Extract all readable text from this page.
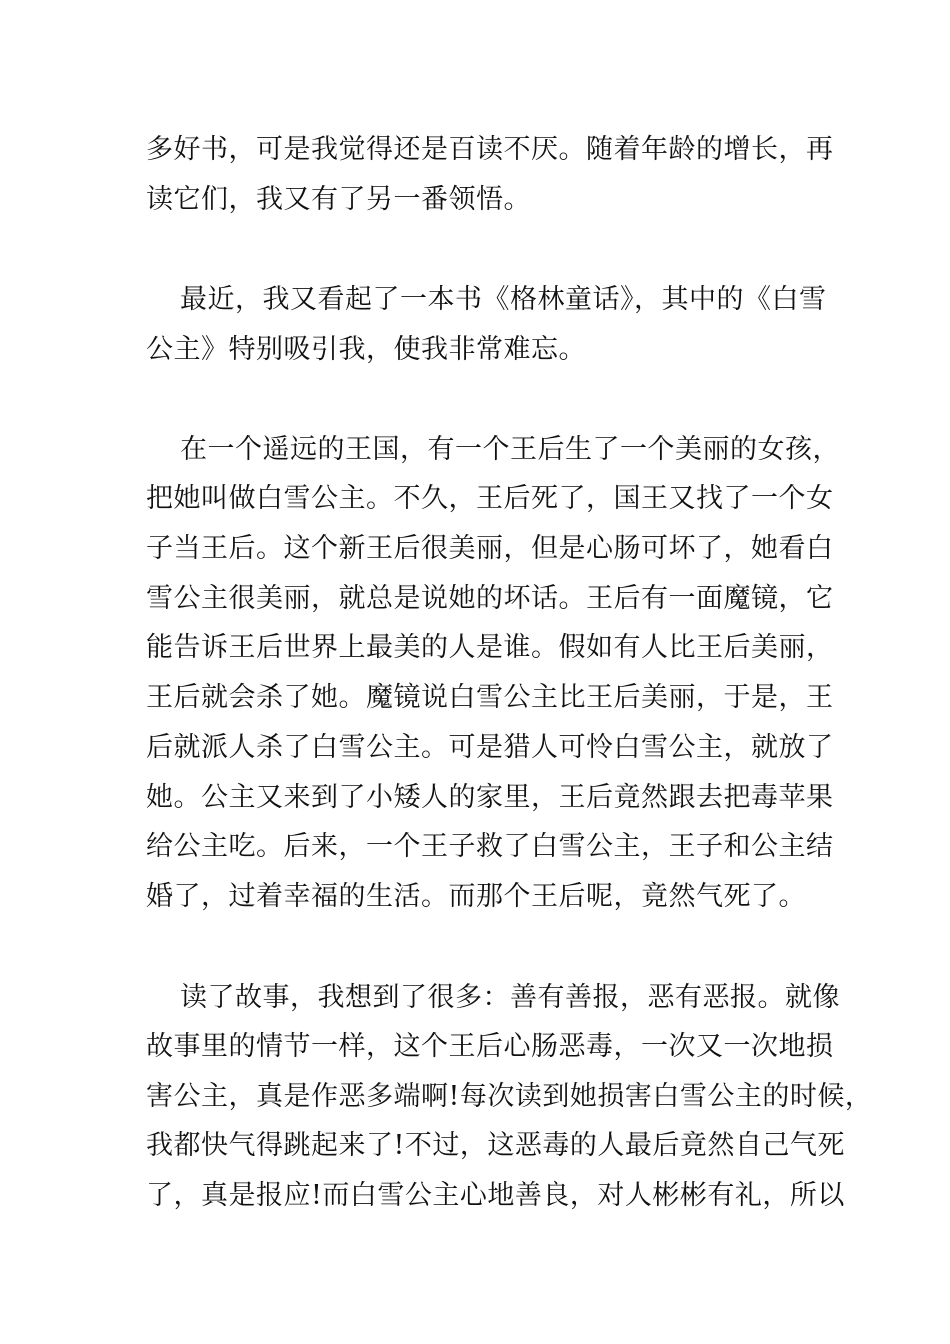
多好书，可是我觉得还是百读不厌。随着年龄的增长，再

读它们，我又有了另一番领悟。

最近，我又看起了一本书《格林童话》，其中的《白雪

公主》特别吸引我，使我非常难忘。

在一个遥远的王国，有一个王后生了一个美丽的女孩，

把她叫做白雪公主。不久，王后死了，国王又找了一个女

子当王后。这个新王后很美丽，但是心肠可坏了，她看白

雪公主很美丽，就总是说她的坏话。王后有一面魔镜，它

能告诉王后世界上最美的人是谁。假如有人比王后美丽，

王后就会杀了她。魔镜说白雪公主比王后美丽，于是，王

后就派人杀了白雪公主。可是猎人可怜白雪公主，就放了

她。公主又来到了小矮人的家里，王后竟然跟去把毒苹果

给公主吃。后来，一个王子救了白雪公主，王子和公主结

婚了，过着幸福的生活。而那个王后呢，竟然气死了。

读了故事，我想到了很多：善有善报，恶有恶报。就像

故事里的情节一样，这个王后心肠恶毒，一次又一次地损

害公主，真是作恶多端啊!每次读到她损害白雪公主的时候，

我都快气得跳起来了!不过，这恶毒的人最后竟然自己气死

了，真是报应!而白雪公主心地善良，对人彬彬有礼，所以
